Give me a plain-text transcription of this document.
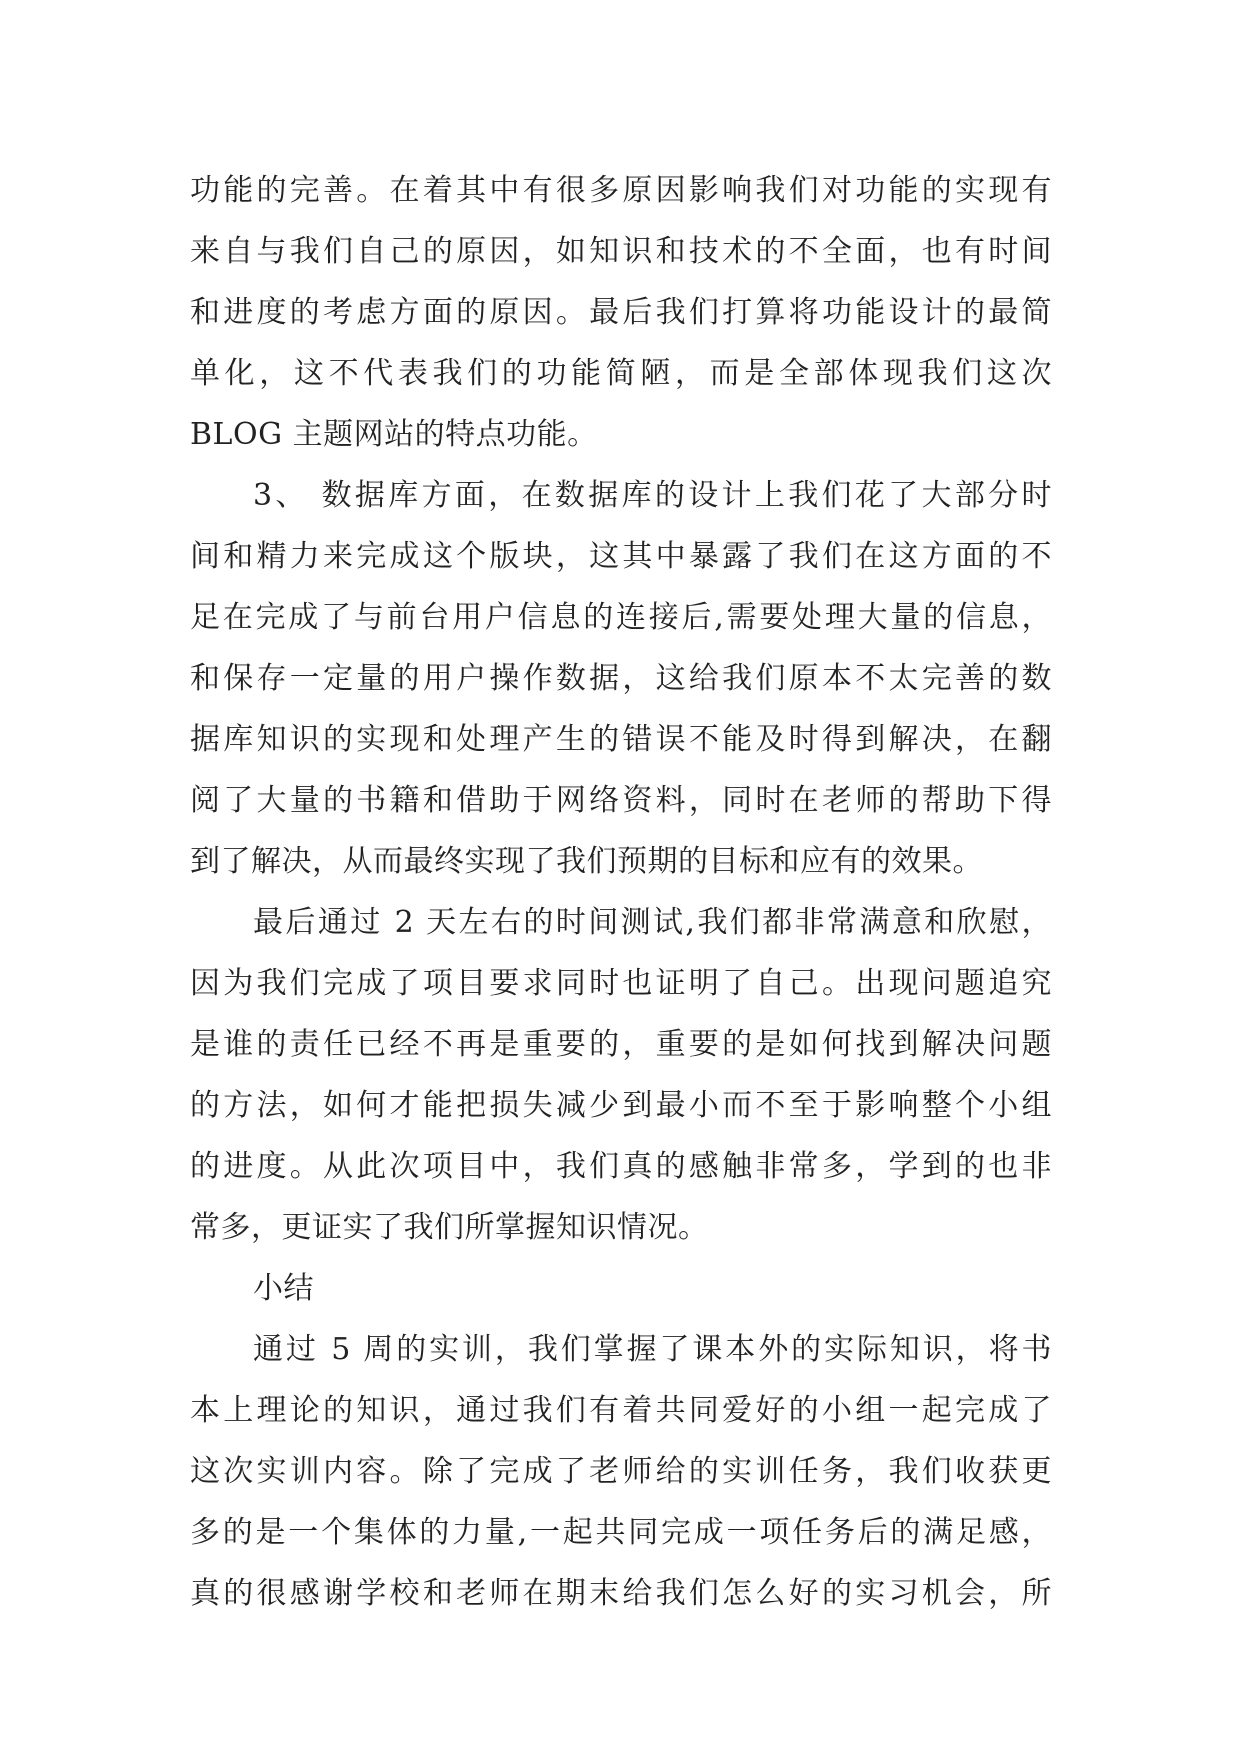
功能的完善。在着其中有很多原因影响我们对功能的实现有
来自与我们自己的原因，如知识和技术的不全面，也有时间
和进度的考虑方面的原因。最后我们打算将功能设计的最简
单化，这不代表我们的功能简陋，而是全部体现我们这次
BLOG 主题网站的特点功能。
3、 数据库方面，在数据库的设计上我们花了大部分时
间和精力来完成这个版块，这其中暴露了我们在这方面的不
足在完成了与前台用户信息的连接后,需要处理大量的信息，
和保存一定量的用户操作数据，这给我们原本不太完善的数
据库知识的实现和处理产生的错误不能及时得到解决，在翻
阅了大量的书籍和借助于网络资料，同时在老师的帮助下得
到了解决，从而最终实现了我们预期的目标和应有的效果。
最后通过 2 天左右的时间测试,我们都非常满意和欣慰，
因为我们完成了项目要求同时也证明了自己。出现问题追究
是谁的责任已经不再是重要的，重要的是如何找到解决问题
的方法，如何才能把损失减少到最小而不至于影响整个小组
的进度。从此次项目中，我们真的感触非常多，学到的也非
常多，更证实了我们所掌握知识情况。
小结
通过 5 周的实训，我们掌握了课本外的实际知识，将书
本上理论的知识，通过我们有着共同爱好的小组一起完成了
这次实训内容。除了完成了老师给的实训任务，我们收获更
多的是一个集体的力量,一起共同完成一项任务后的满足感，
真的很感谢学校和老师在期末给我们怎么好的实习机会，所
